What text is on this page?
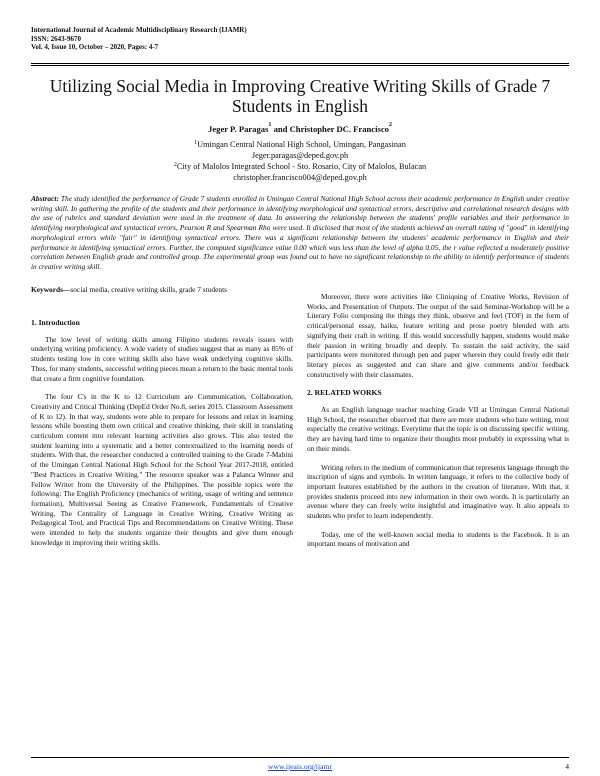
International Journal of Academic Multidisciplinary Research (IJAMR)
ISSN: 2643-9670
Vol. 4, Issue 10, October – 2020, Pages: 4-7
Utilizing Social Media in Improving Creative Writing Skills of Grade 7 Students in English
Jeger P. Paragas$^1$ and Christopher DC. Francisco$^2$
$^1$Umingan Central National High School, Umingan, Pangasinan
Jeger.paragas@deped.gov.ph
$^2$City of Malolos Integrated School - Sto. Rosario, City of Malolos, Bulacan
christopher.francisco004@deped.gov.ph
Abstract: The study identified the performance of Grade 7 students enrolled in Umingan Central National High School across their academic performance in English under creative writing skill. In gathering the profile of the students and their performance in identifying morphological and syntactical errors, descriptive and correlational research designs with the use of rubrics and standard deviation were used in the treatment of data. In answering the relationship between the students' profile variables and their performance in identifying morphological and syntactical errors, Pearson R and Spearman Rho were used. It disclosed that most of the students achieved an overall rating of "good" in identifying morphological errors while "fair" in identifying syntactical errors. There was a significant relationship between the students' academic performance in English and their performance in identifying syntactical errors. Further, the computed significance value 0.00 which was less than the level of alpha 0.05, the r value reflected a moderately positive correlation between English grade and controlled group. The experimental group was found out to have no significant relationship to the ability to identify performance of students in creative writing skill.
Keywords—social media, creative writing skills, grade 7 students
1. Introduction

The low level of writing skills among Filipino students reveals issues with underlying writing proficiency. A wide variety of studies suggest that as many as 85% of students testing low in core writing skills also have weak underlying cognitive skills. Thus, for many students, successful writing pieces mean a return to the basic mental tools that create a firm cognitive foundation.

The four C's in the K to 12 Curriculum are Communication, Collaboration, Creativity and Critical Thinking (DepEd Order No.8, series 2015. Classroom Assessment of K to 12). In that way, students were able to prepare for lessons and relax in learning lessons while boosting them own critical and creative thinking, their skill in translating curriculum content into relevant learning activities also grows. This also tested the student learning into a systematic and a better contextualized to the learning needs of students. With that, the researcher conducted a controlled training to the Grade 7-Mabini of the Umingan Central National High School for the School Year 2017-2018, entitled "Best Practices in Creative Writing." The resource speaker was a Palanca Winner and Fellow Writer from the University of the Philippines. The possible topics were the following: The English Proficiency (mechanics of writing, usage of writing and sentence formation), Multiversal Seeing as Creative Framework, Fundamentals of Creative Writing, The Centrality of Language in Creative Writing, Creative Writing as Pedagogical Tool, and Practical Tips and Recommendations on Creative Writing. These were intended to help the students organize their thoughts and give them enough knowledge in improving their writing skills.

Moreover, there were activities like Cliniquing of Creative Works, Revision of Works, and Presentation of Outputs. The output of the said Seminar-Workshop will be a Literary Folio composing the things they think, observe and feel (TOF) in the form of critical/personal essay, haiku, feature writing and prose poetry blended with arts signifying their craft in writing. If this would successfully happen, students would make their passion in writing broadly and deeply. To sustain the said activity, the said participants were monitored through pen and paper wherein they could freely edit their literary pieces as suggested and can share and give comments and/or feedback constructively with their classmates.

2. RELATED WORKS

As an English language teacher teaching Grade VII at Umingan Central National High School, the researcher observed that there are more students who hate writing, most especially the creative writings. Everytime that the topic is on discussing specific writing, they are having hard time to organize their thoughts most probably in expressing what is on their minds.

Writing refers to the medium of communication that represents language through the inscription of signs and symbols. In written language, it refers to the collective body of important features established by the authors in the creation of literature. With that, it provides students proceed into new information in their own words. It is particularly an avenue where they can freely write insightful and imaginative way. It also appeals to students who prefer to learn independently.

Today, one of the well-known social media to students is the Facebook. It is an important means of motivation and

www.ijeais.org/ijamr	4
